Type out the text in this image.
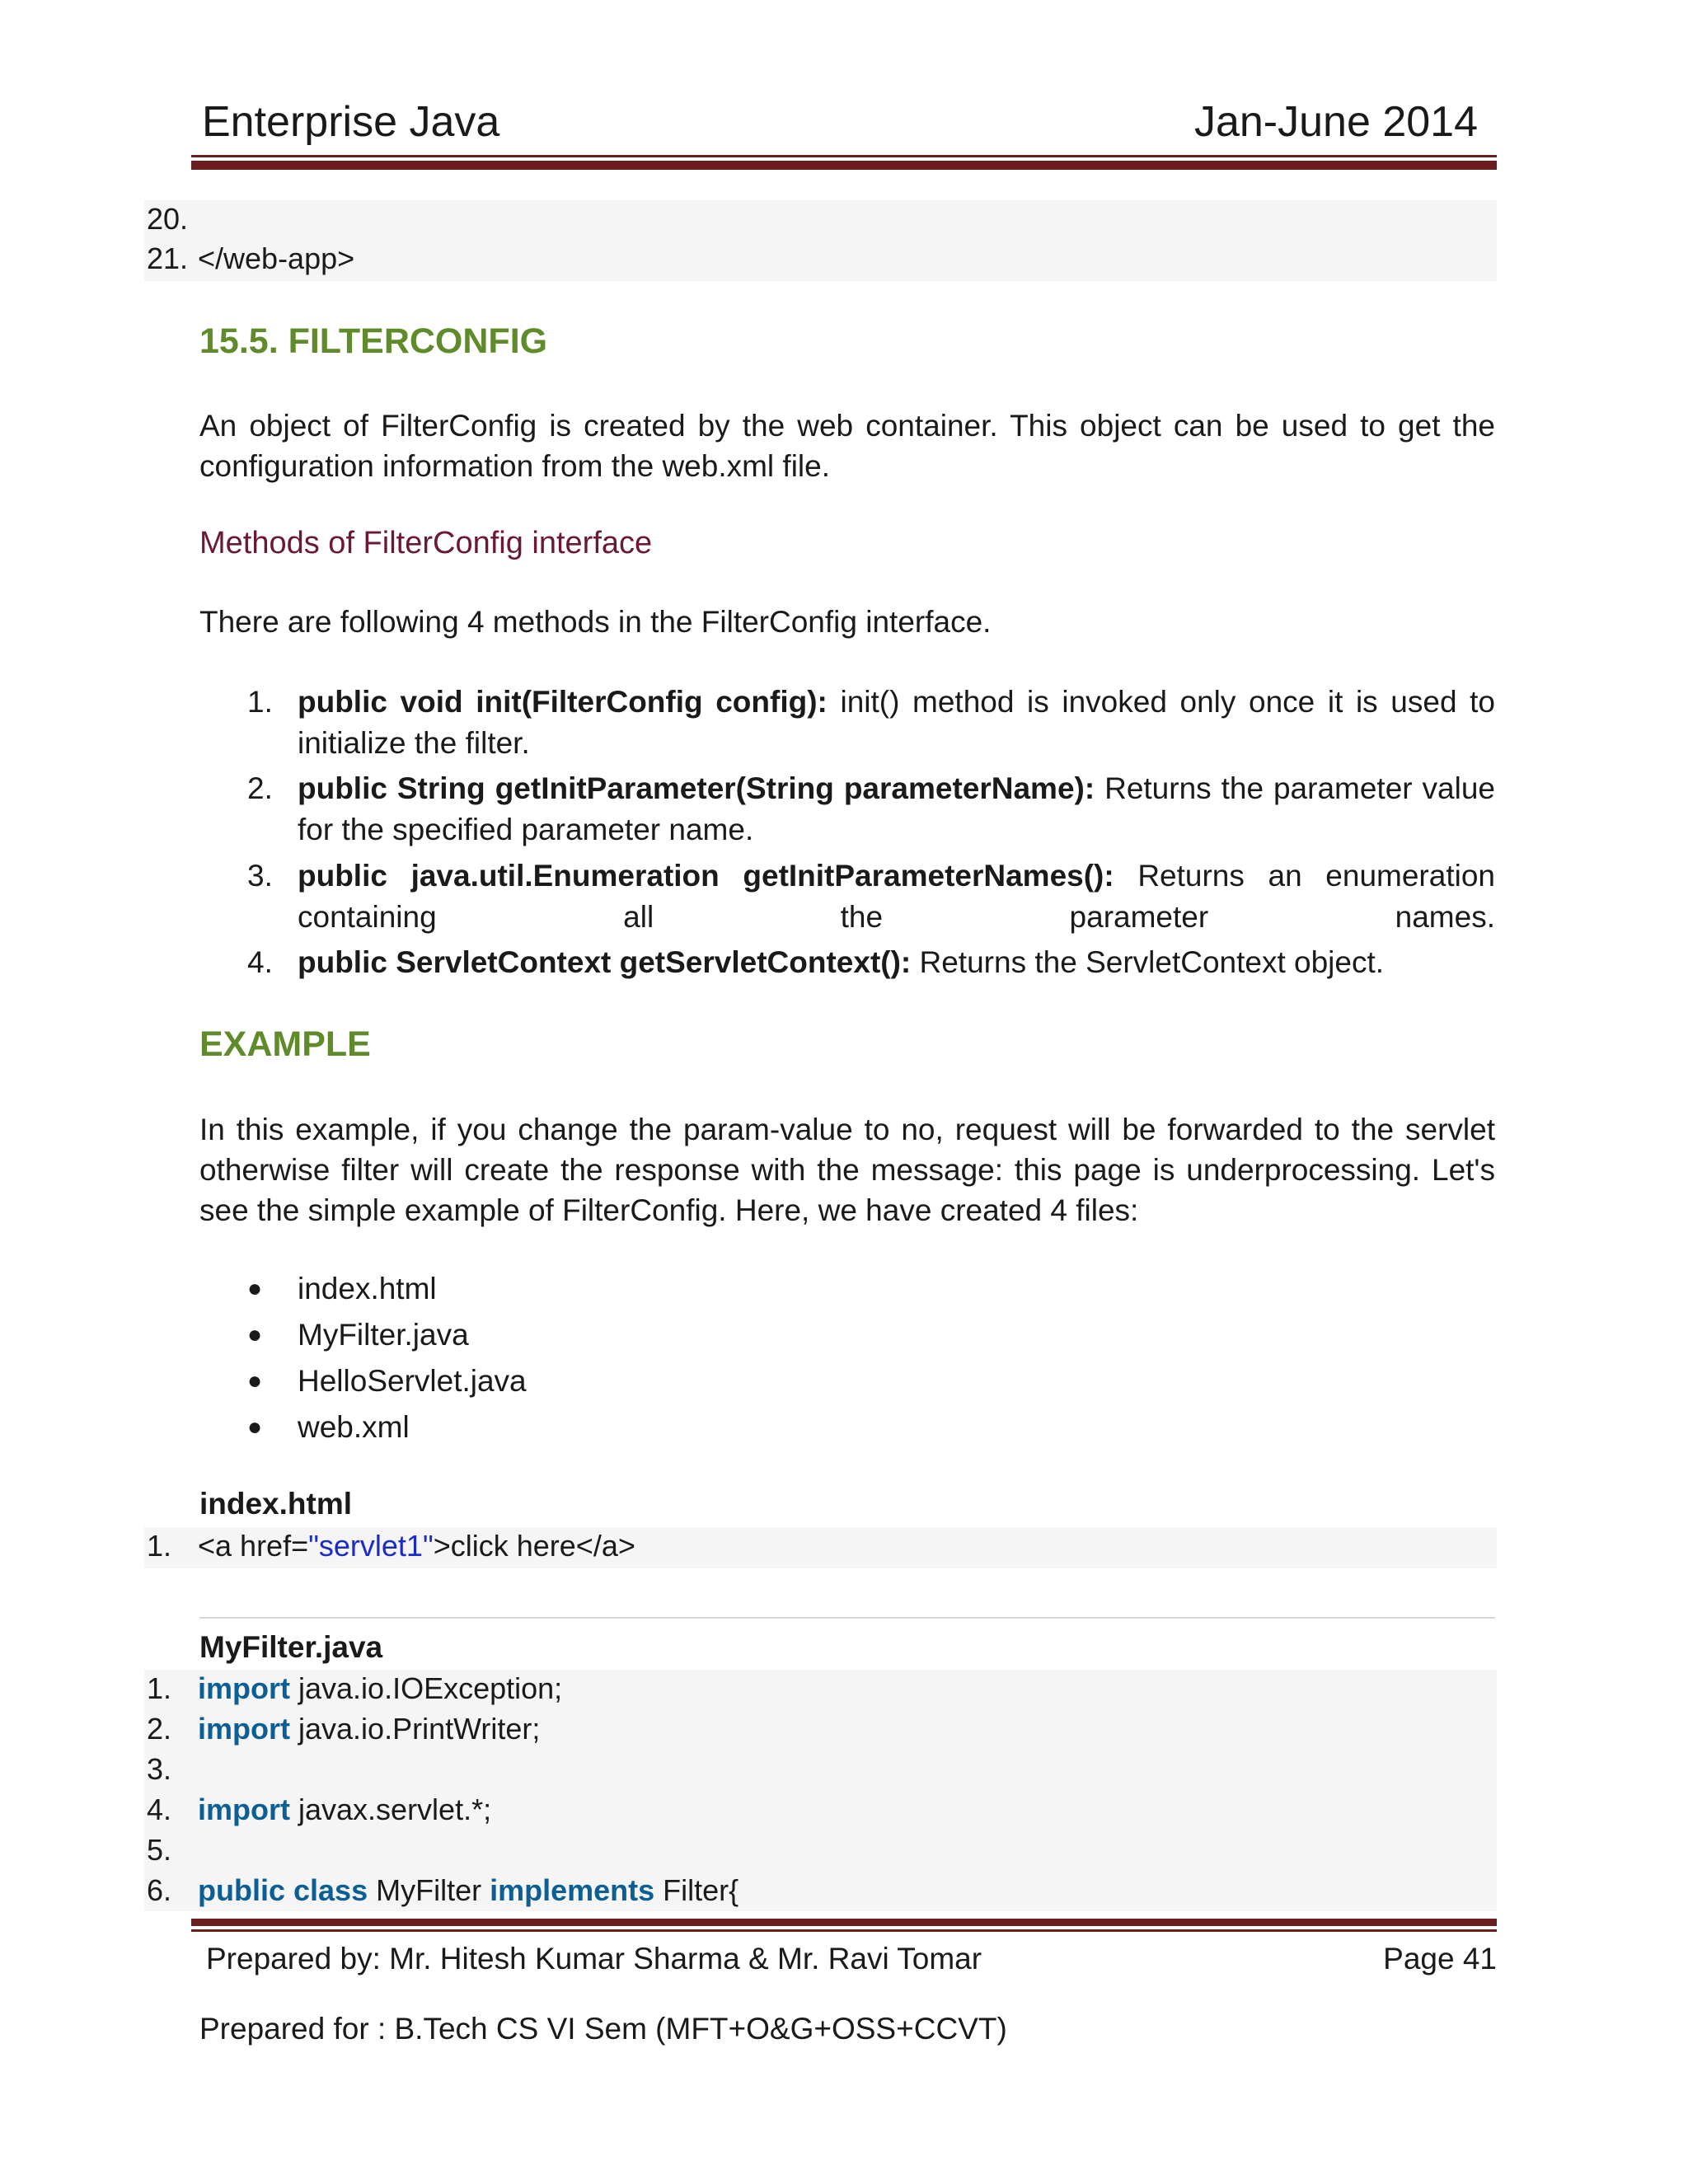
Enterprise Java	Jan-June 2014
20.
21. </web-app>
15.5. FILTERCONFIG
An object of FilterConfig is created by the web container. This object can be used to get the configuration information from the web.xml file.
Methods of FilterConfig interface
There are following 4 methods in the FilterConfig interface.
1. public void init(FilterConfig config): init() method is invoked only once it is used to initialize the filter.
2. public String getInitParameter(String parameterName): Returns the parameter value for the specified parameter name.
3. public java.util.Enumeration getInitParameterNames(): Returns an enumeration containing all the parameter names.
4. public ServletContext getServletContext(): Returns the ServletContext object.
EXAMPLE
In this example, if you change the param-value to no, request will be forwarded to the servlet otherwise filter will create the response with the message: this page is underprocessing. Let's see the simple example of FilterConfig. Here, we have created 4 files:
● index.html
● MyFilter.java
● HelloServlet.java
● web.xml
index.html
1. <a href="servlet1">click here</a>
MyFilter.java
1. import java.io.IOException;
2. import java.io.PrintWriter;
3.
4. import javax.servlet.*;
5.
6. public class MyFilter implements Filter{
Prepared by: Mr. Hitesh Kumar Sharma & Mr. Ravi Tomar	Page 41
Prepared for : B.Tech CS VI Sem (MFT+O&G+OSS+CCVT)
